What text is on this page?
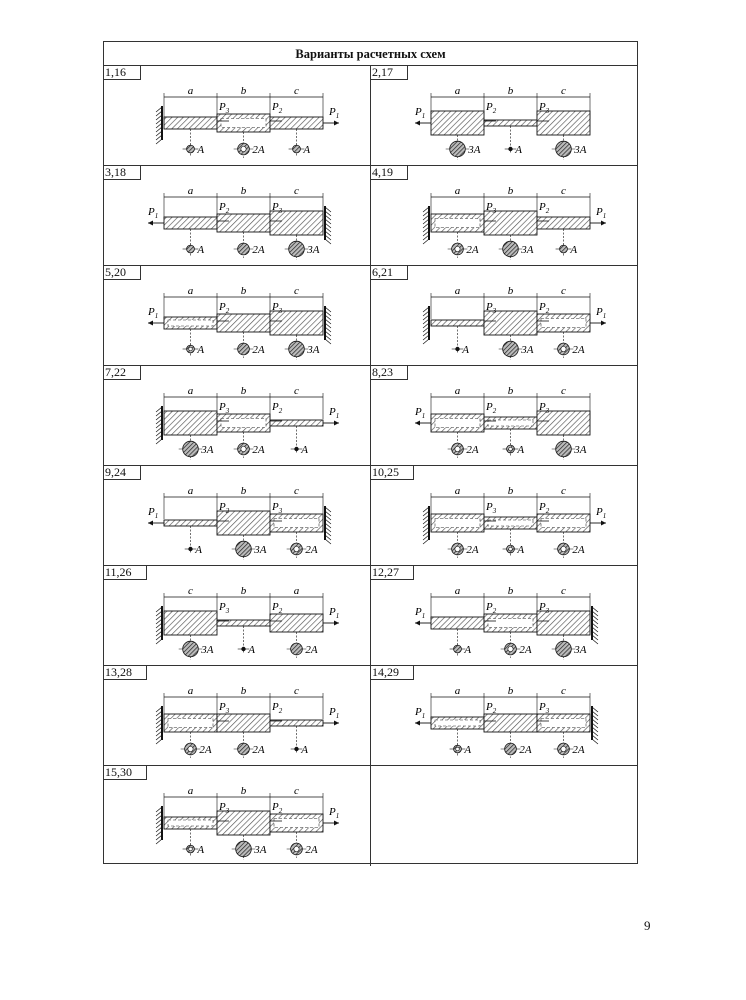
Варианты расчетных схем
a	b	c
A	2A	A
$P_3$	$P_2$	$P_1$
1,16
a	b	c
3A	A	3A
$P_1$
$P_2$	$P_3$
2,17
a	b	c
A	2A	3A
$P_1$
$P_2$	$P_3$
3,18
a	b	c
2A	3A	A
$P_3$	$P_2$	$P_1$
4,19
a	b	c
A	2A	3A
$P_1$
$P_2$	$P_3$
5,20
a	b	c
A	3A	2A
$P_3$	$P_2$	$P_1$
6,21
a	b	c
3A	2A	A
$P_3$	$P_2$	$P_1$
7,22
a	b	c
2A	A	3A
$P_1$
$P_2$	$P_3$
8,23
a	b	c
A	3A	2A
$P_1$
$P_2$	$P_3$
9,24
a	b	c
2A	A	2A
$P_3$	$P_2$	$P_1$
10,25
c	b	a
3A	A	2A
$P_3$	$P_2$	$P_1$
11,26
a	b	c
A	2A	3A
$P_1$
$P_2$	$P_3$
12,27
a	b	c
2A	2A	A
$P_3$	$P_2$	$P_1$
13,28
a	b	c
A	2A	2A
$P_1$
$P_2$	$P_3$
14,29
a	b	c
A	3A	2A
$P_3$	$P_2$	$P_1$
15,30
9
